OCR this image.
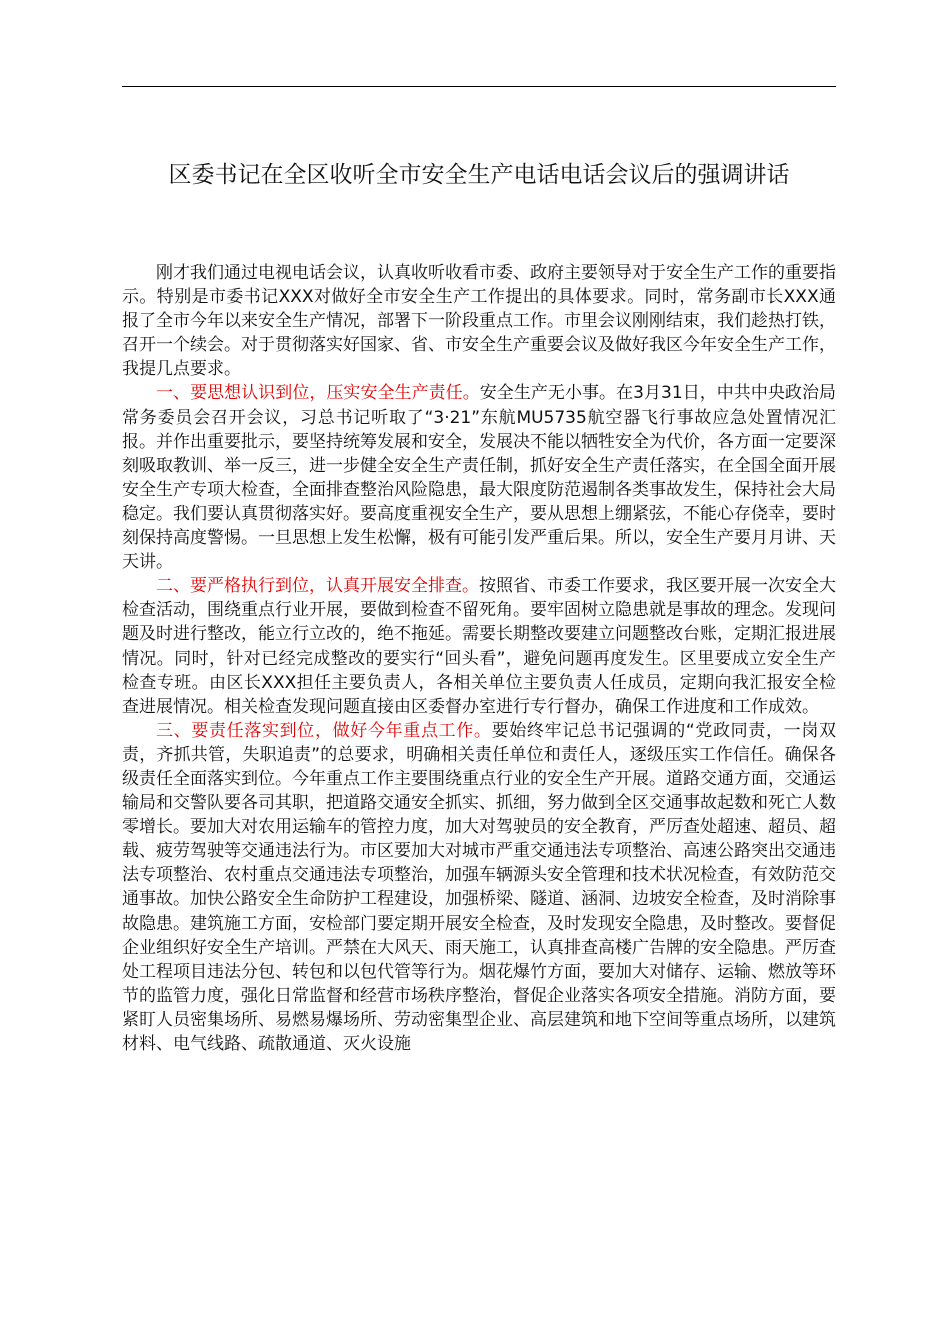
区委书记在全区收听全市安全生产电话电话会议后的强调讲话

刚才我们通过电视电话会议，认真收听收看市委、政府主要领导对于安全生产工作的重要指示。特别是市委书记XXX对做好全市安全生产工作提出的具体要求。同时，常务副市长XXX通报了全市今年以来安全生产情况，部署下一阶段重点工作。市里会议刚刚结束，我们趁热打铁，召开一个续会。对于贯彻落实好国家、省、市安全生产重要会议及做好我区今年安全生产工作，我提几点要求。

一、要思想认识到位，压实安全生产责任。安全生产无小事。在3月31日，中共中央政治局常务委员会召开会议，习总书记听取了“3·21”东航MU5735航空器飞行事故应急处置情况汇报。并作出重要批示，要坚持统筹发展和安全，发展决不能以牺牲安全为代价，各方面一定要深刻吸取教训、举一反三，进一步健全安全生产责任制，抓好安全生产责任落实，在全国全面开展安全生产专项大检查，全面排查整治风险隐患，最大限度防范遏制各类事故发生，保持社会大局稳定。我们要认真贯彻落实好。要高度重视安全生产，要从思想上绷紧弦，不能心存侥幸，要时刻保持高度警惕。一旦思想上发生松懈，极有可能引发严重后果。所以，安全生产要月月讲、天天讲。

二、要严格执行到位，认真开展安全排查。按照省、市委工作要求，我区要开展一次安全大检查活动，围绕重点行业开展，要做到检查不留死角。要牢固树立隐患就是事故的理念。发现问题及时进行整改，能立行立改的，绝不拖延。需要长期整改要建立问题整改台账，定期汇报进展情况。同时，针对已经完成整改的要实行“回头看”，避免问题再度发生。区里要成立安全生产检查专班。由区长XXX担任主要负责人，各相关单位主要负责人任成员，定期向我汇报安全检查进展情况。相关检查发现问题直接由区委督办室进行专行督办，确保工作进度和工作成效。

三、要责任落实到位，做好今年重点工作。要始终牢记总书记强调的“党政同责，一岗双责，齐抓共管，失职追责”的总要求，明确相关责任单位和责任人，逐级压实工作信任。确保各级责任全面落实到位。今年重点工作主要围绕重点行业的安全生产开展。道路交通方面，交通运输局和交警队要各司其职，把道路交通安全抓实、抓细，努力做到全区交通事故起数和死亡人数零增长。要加大对农用运输车的管控力度，加大对驾驶员的安全教育，严厉查处超速、超员、超载、疲劳驾驶等交通违法行为。市区要加大对城市严重交通违法专项整治、高速公路突出交通违法专项整治、农村重点交通违法专项整治，加强车辆源头安全管理和技术状况检查，有效防范交通事故。加快公路安全生命防护工程建设，加强桥梁、隧道、涵洞、边坡安全检查，及时消除事故隐患。建筑施工方面，安检部门要定期开展安全检查，及时发现安全隐患，及时整改。要督促企业组织好安全生产培训。严禁在大风天、雨天施工，认真排查高楼广告牌的安全隐患。严厉查处工程项目违法分包、转包和以包代管等行为。烟花爆竹方面，要加大对储存、运输、燃放等环节的监管力度，强化日常监督和经营市场秩序整治，督促企业落实各项安全措施。消防方面，要紧盯人员密集场所、易燃易爆场所、劳动密集型企业、高层建筑和地下空间等重点场所，以建筑材料、电气线路、疏散通道、灭火设施
